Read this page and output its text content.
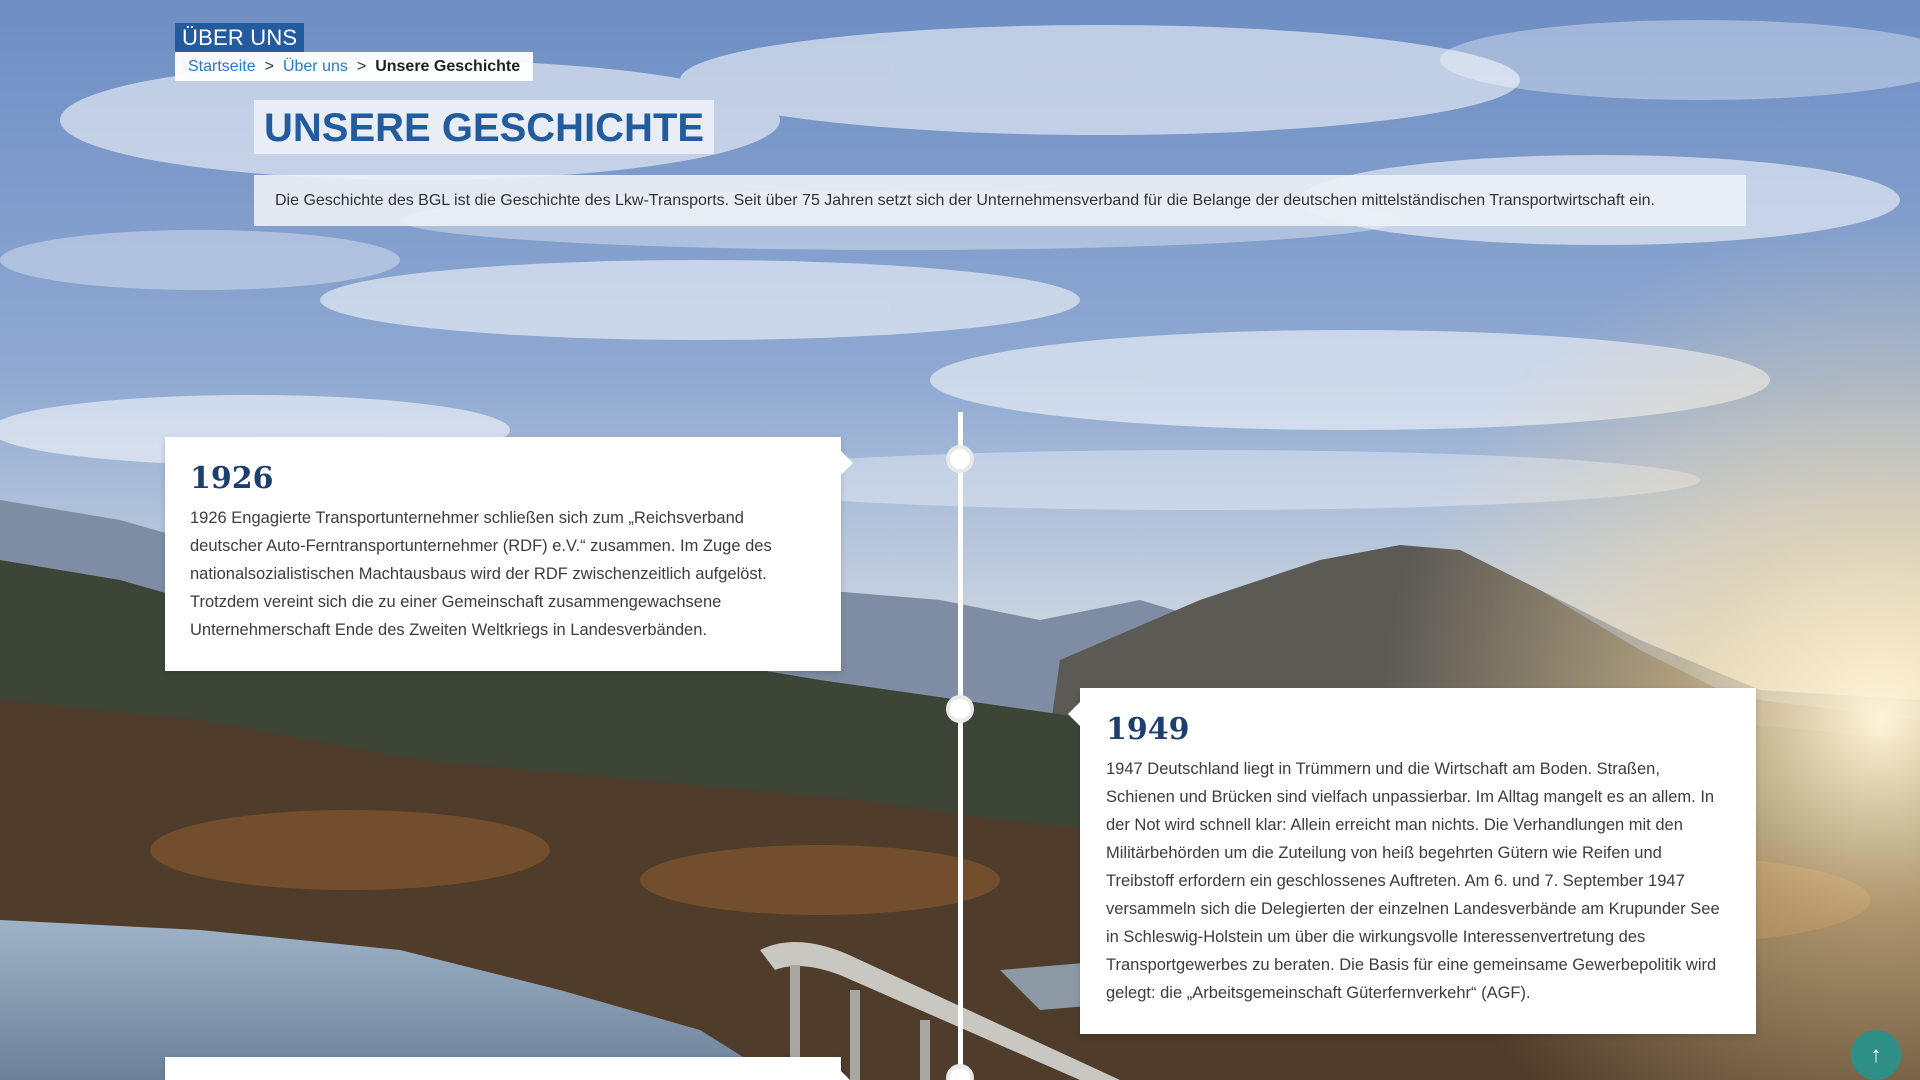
ÜBER UNS
Startseite > Über uns > Unsere Geschichte
UNSERE GESCHICHTE
Die Geschichte des BGL ist die Geschichte des Lkw-Transports. Seit über 75 Jahren setzt sich der Unternehmensverband für die Belange der deutschen mittelständischen Transportwirtschaft ein.
1926

1926 Engagierte Transportunternehmer schließen sich zum „Reichsverband deutscher Auto-Ferntransportunternehmer (RDF) e.V.“ zusammen. Im Zuge des nationalsozialistischen Machtausbaus wird der RDF zwischenzeitlich aufgelöst. Trotzdem vereint sich die zu einer Gemeinschaft zusammengewachsene Unternehmerschaft Ende des Zweiten Weltkriegs in Landesverbänden.

1949

1947 Deutschland liegt in Trümmern und die Wirtschaft am Boden. Straßen, Schienen und Brücken sind vielfach unpassierbar. Im Alltag mangelt es an allem. In der Not wird schnell klar: Allein erreicht man nichts. Die Verhandlungen mit den Militärbehörden um die Zuteilung von heiß begehrten Gütern wie Reifen und Treibstoff erfordern ein geschlossenes Auftreten. Am 6. und 7. September 1947 versammeln sich die Delegierten der einzelnen Landesverbände am Krupunder See in Schleswig-Holstein um über die wirkungsvolle Interessenvertretung des Transportgewerbes zu beraten. Die Basis für eine gemeinsame Gewerbepolitik wird gelegt: die „Arbeitsgemeinschaft Güterfernverkehr“ (AGF).

↑
